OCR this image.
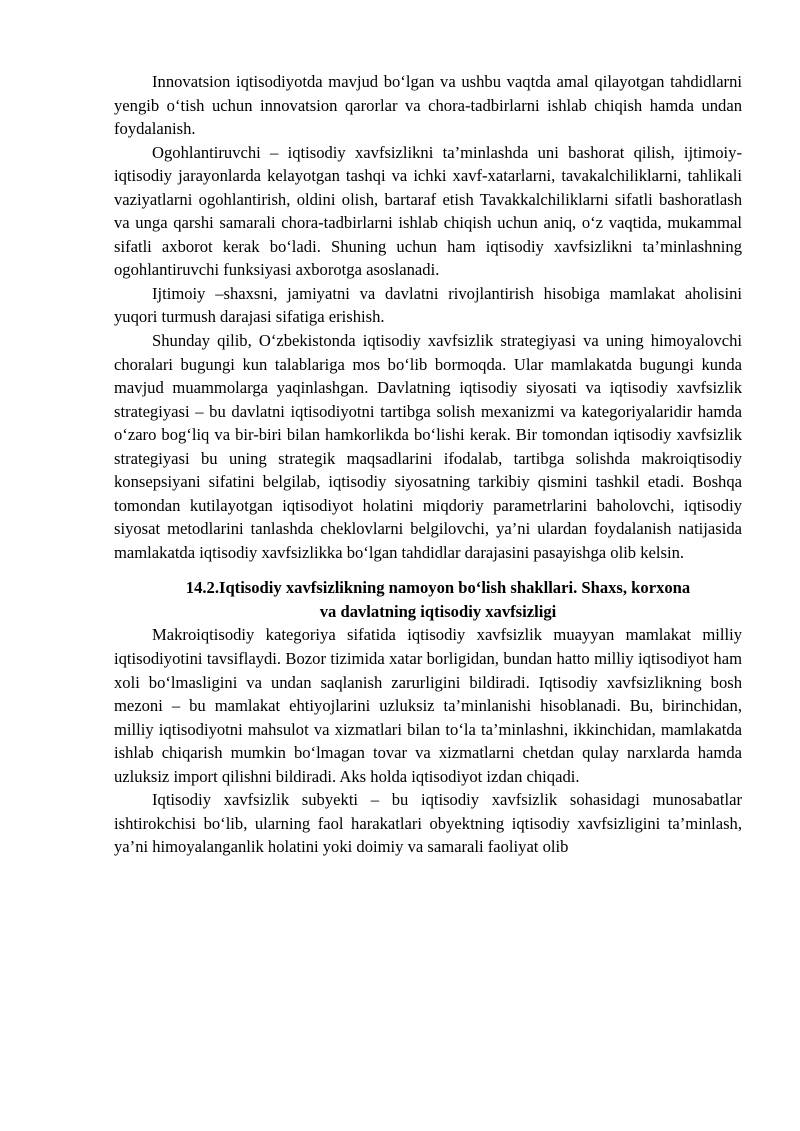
Innovatsion iqtisodiyotda mavjud bo‘lgan va ushbu vaqtda amal qilayotgan tahdidlarni yengib o‘tish uchun innovatsion qarorlar va chora-tadbirlarni ishlab chiqish hamda undan foydalanish.

Ogohlantiruvchi – iqtisodiy xavfsizlikni ta’minlashda uni bashorat qilish, ijtimoiy-iqtisodiy jarayonlarda kelayotgan tashqi va ichki xavf-xatarlarni, tavakalchiliklarni, tahlikali vaziyatlarni ogohlantirish, oldini olish, bartaraf etish Tavakkalchiliklarni sifatli bashoratlash va unga qarshi samarali chora-tadbirlarni ishlab chiqish uchun aniq, o‘z vaqtida, mukammal sifatli axborot kerak bo‘ladi. Shuning uchun ham iqtisodiy xavfsizlikni ta’minlashning ogohlantiruvchi funksiyasi axborotga asoslanadi.

Ijtimoiy –shaxsni, jamiyatni va davlatni rivojlantirish hisobiga mamlakat aholisini yuqori turmush darajasi sifatiga erishish.

Shunday qilib, O‘zbekistonda iqtisodiy xavfsizlik strategiyasi va uning himoyalovchi choralari bugungi kun talablariga mos bo‘lib bormoqda. Ular mamlakatda bugungi kunda mavjud muammolarga yaqinlashgan. Davlatning iqtisodiy siyosati va iqtisodiy xavfsizlik strategiyasi – bu davlatni iqtisodiyotni tartibga solish mexanizmi va kategoriyalaridir hamda o‘zaro bog‘liq va bir-biri bilan hamkorlikda bo‘lishi kerak. Bir tomondan iqtisodiy xavfsizlik strategiyasi bu uning strategik maqsadlarini ifodalab, tartibga solishda makroiqtisodiy konsepsiyani sifatini belgilab, iqtisodiy siyosatning tarkibiy qismini tashkil etadi. Boshqa tomondan kutilayotgan iqtisodiyot holatini miqdoriy parametrlarini baholovchi, iqtisodiy siyosat metodlarini tanlashda cheklovlarni belgilovchi, ya’ni ulardan foydalanish natijasida mamlakatda iqtisodiy xavfsizlikka bo‘lgan tahdidlar darajasini pasayishga olib kelsin.

14.2.Iqtisodiy xavfsizlikning namoyon bo‘lish shakllari. Shaxs, korxona
va davlatning iqtisodiy xavfsizligi

Makroiqtisodiy kategoriya sifatida iqtisodiy xavfsizlik muayyan mamlakat milliy iqtisodiyotini tavsiflaydi. Bozor tizimida xatar borligidan, bundan hatto milliy iqtisodiyot ham xoli bo‘lmasligini va undan saqlanish zarurligini bildiradi. Iqtisodiy xavfsizlikning bosh mezoni – bu mamlakat ehtiyojlarini uzluksiz ta’minlanishi hisoblanadi. Bu, birinchidan, milliy iqtisodiyotni mahsulot va xizmatlari bilan to‘la ta’minlashni, ikkinchidan, mamlakatda ishlab chiqarish mumkin bo‘lmagan tovar va xizmatlarni chetdan qulay narxlarda hamda uzluksiz import qilishni bildiradi. Aks holda iqtisodiyot izdan chiqadi.

Iqtisodiy xavfsizlik subyekti – bu iqtisodiy xavfsizlik sohasidagi munosabatlar ishtirokchisi bo‘lib, ularning faol harakatlari obyektning iqtisodiy xavfsizligini ta’minlash, ya’ni himoyalanganlik holatini yoki doimiy va samarali faoliyat olib
